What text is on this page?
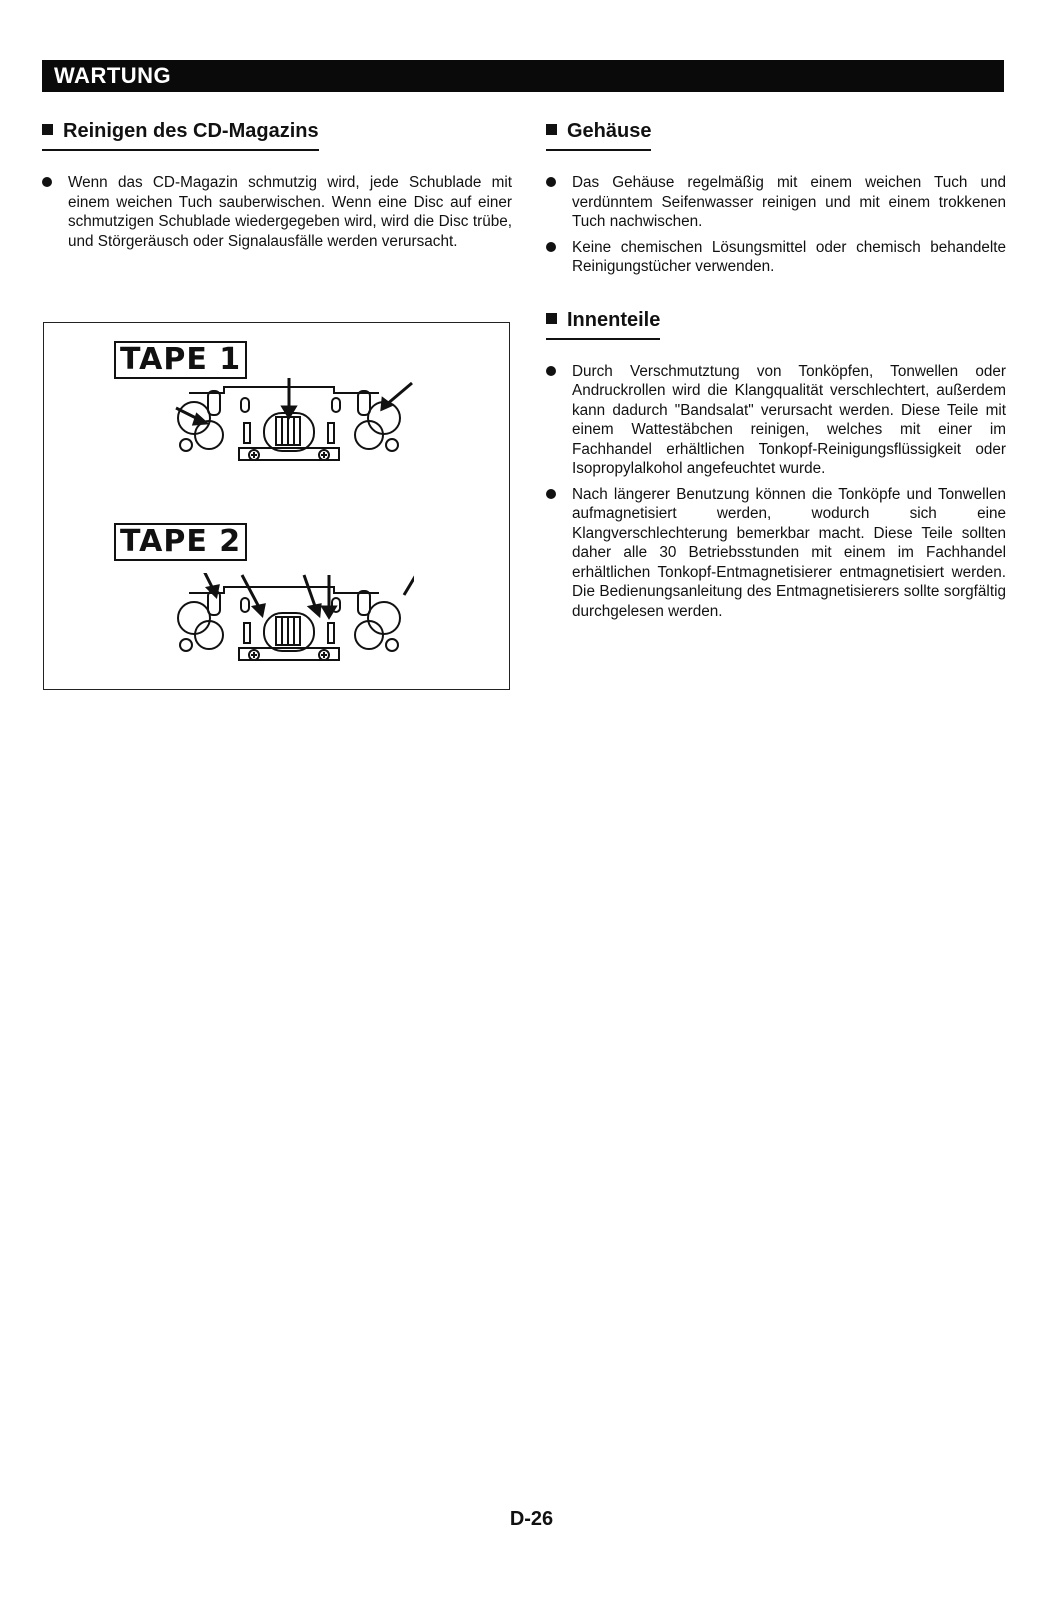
WARTUNG
Reinigen des CD-Magazins
Wenn das CD-Magazin schmutzig wird, jede Schublade mit einem weichen Tuch sauberwischen. Wenn eine Disc auf einer schmutzigen Schublade wiedergegeben wird, wird die Disc trübe, und Störgeräusch oder Signalausfälle werden verursacht.
TAPE 1
TAPE 2
Gehäuse
Das Gehäuse regelmäßig mit einem weichen Tuch und verdünntem Seifenwasser reinigen und mit einem trokkenen Tuch nachwischen.
Keine chemischen Lösungsmittel oder chemisch behandelte Reinigungstücher verwenden.
Innenteile
Durch Verschmutztung von Tonköpfen, Tonwellen oder Andruckrollen wird die Klangqualität verschlechtert, außerdem kann dadurch "Bandsalat" verursacht werden. Diese Teile mit einem Wattestäbchen reinigen, welches mit einer im Fachhandel erhältlichen Tonkopf-Reinigungsflüssigkeit oder Isopropylalkohol angefeuchtet wurde.
Nach längerer Benutzung können die Tonköpfe und Tonwellen aufmagnetisiert werden, wodurch sich eine Klangverschlechterung bemerkbar macht. Diese Teile sollten daher alle 30 Betriebsstunden mit einem im Fachhandel erhältlichen Tonkopf-Entmagnetisierer entmagnetisiert werden. Die Bedienungsanleitung des Entmagnetisierers sollte sorgfältig durchgelesen werden.
D-26
